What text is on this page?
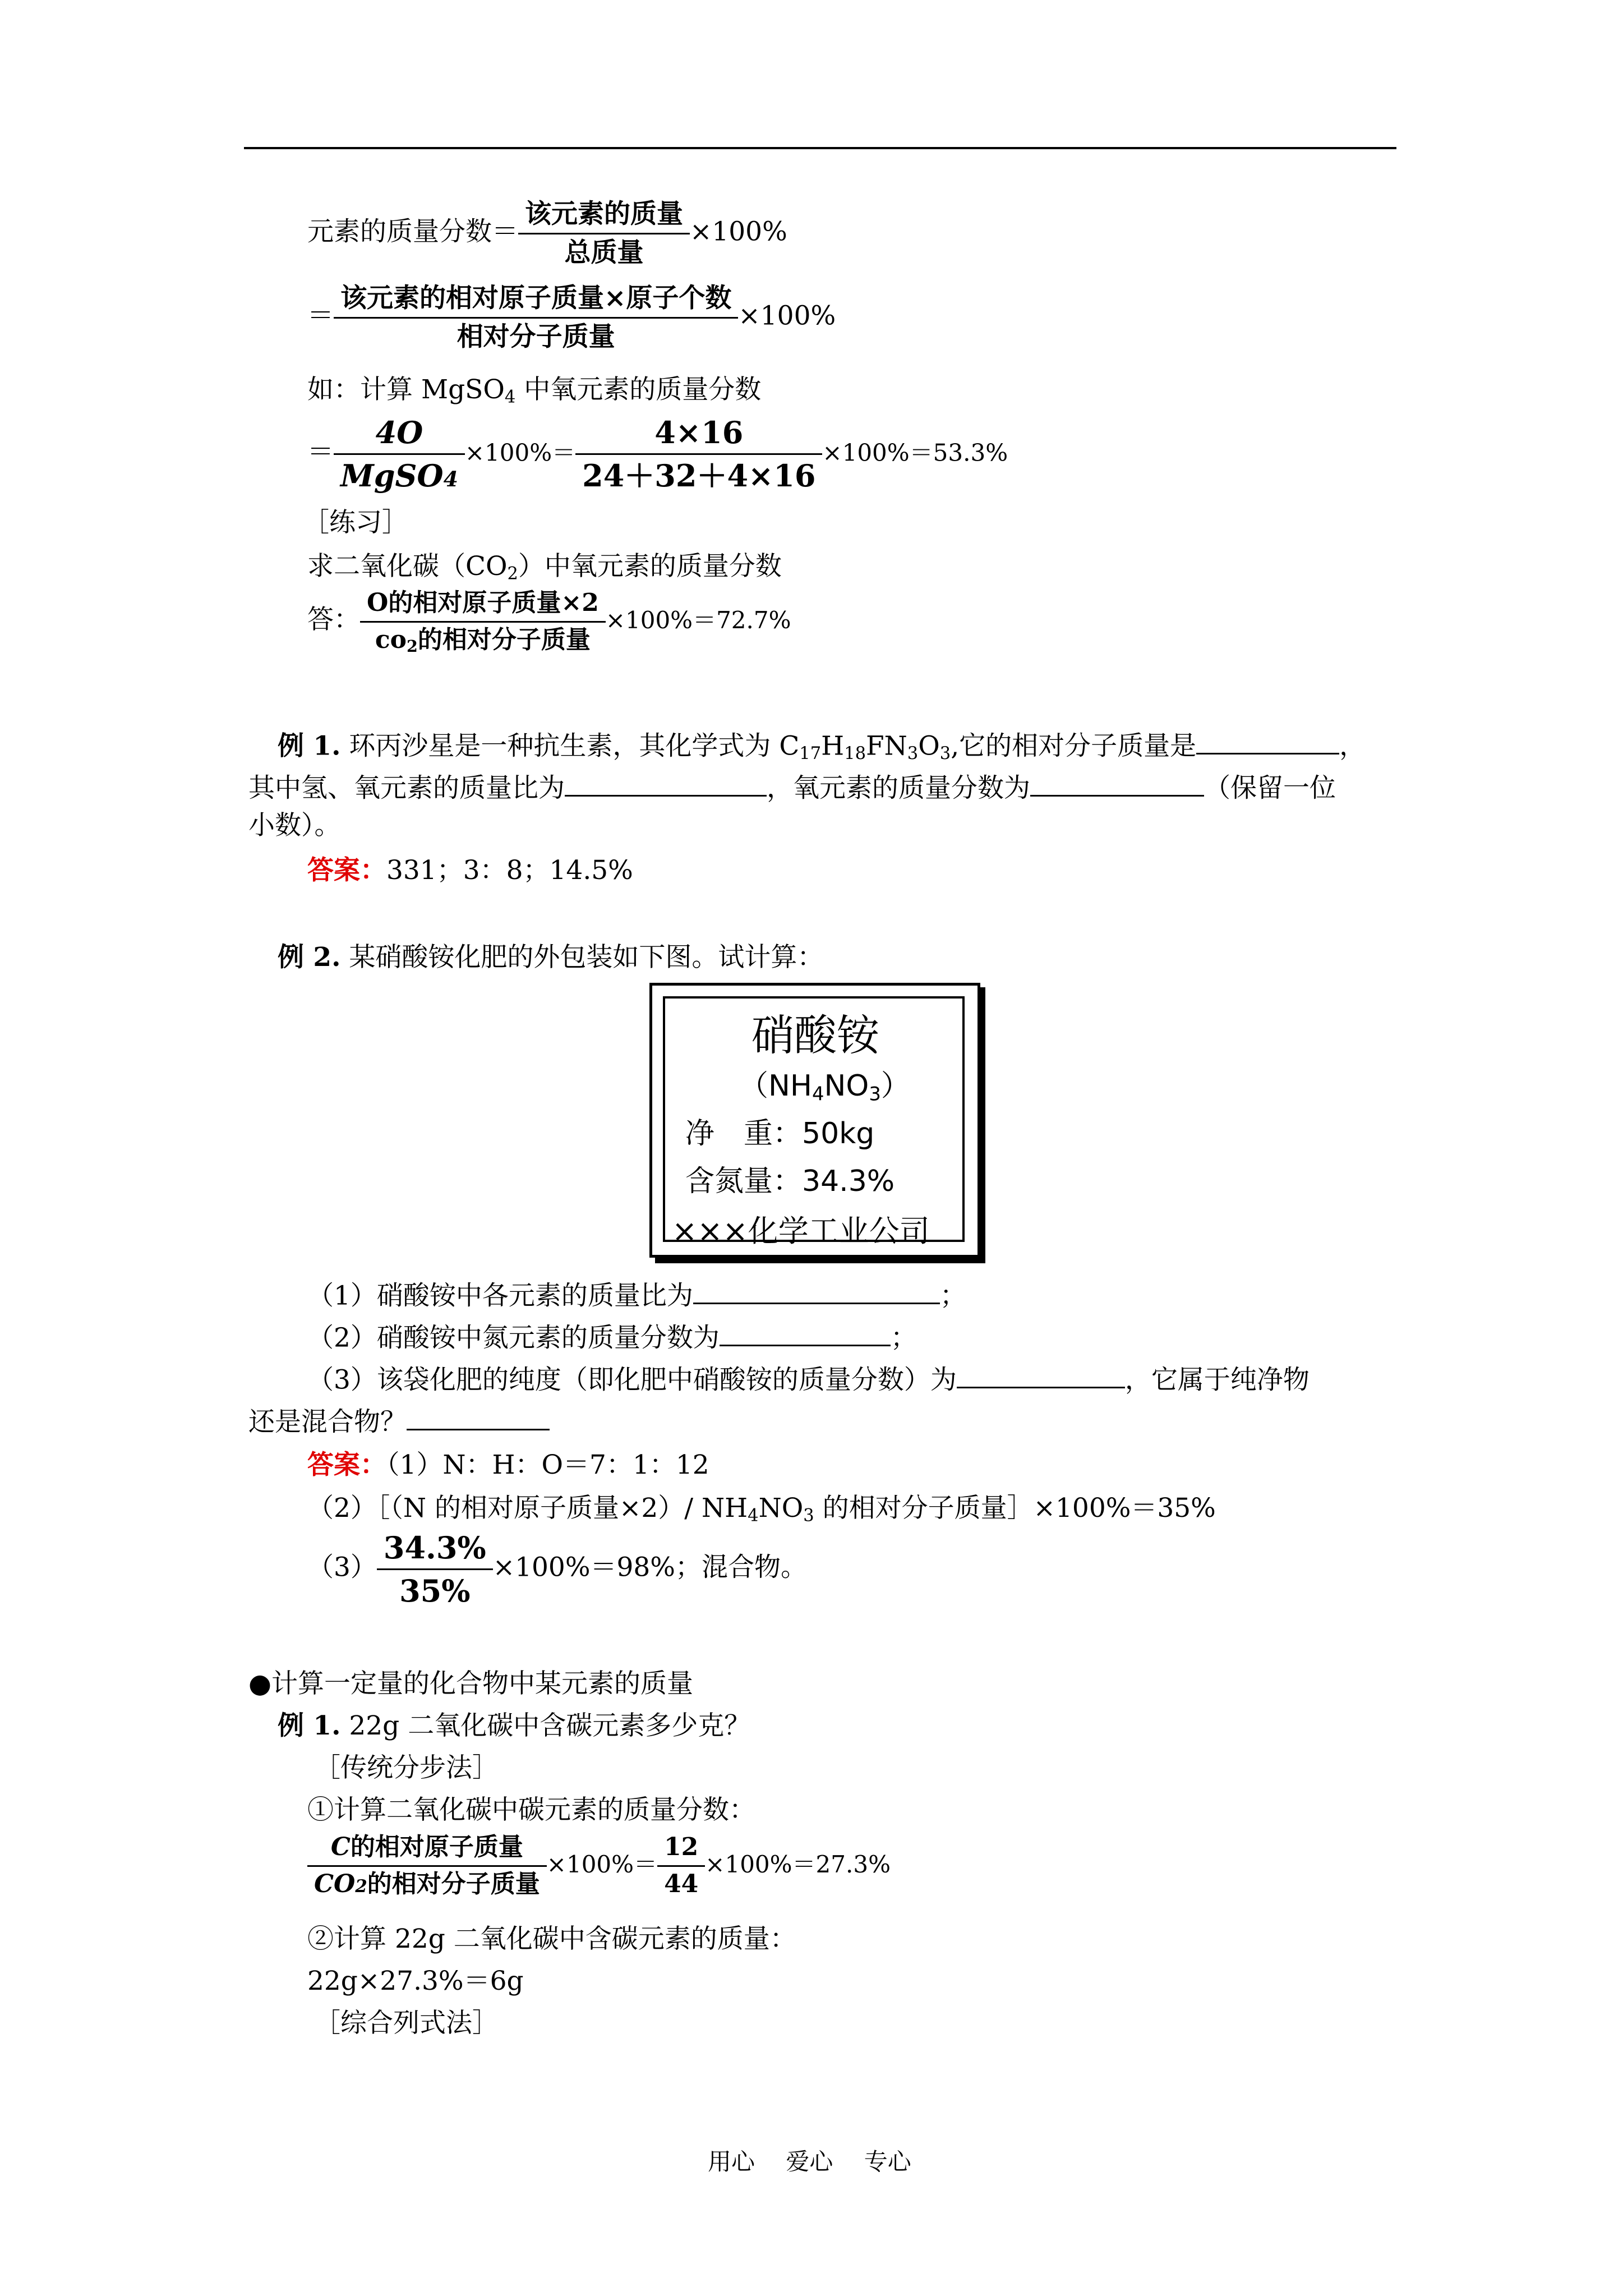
元素的质量分数＝ $\frac{\text{该元素的质量}}{\text{总质量}} \times 100\%$
＝ $\frac{\text{该元素的相对原子质量×原子个数}}{\text{相对分子质量}} \times 100\%$
如：计算 MgSO$_4$ 中氧元素的质量分数
＝ $\frac{4O}{\text{MgSO4}} \times 100\%= \frac{4\times 16}{24+32+4\times 16} \times 100\%=53.3\%$
［练习］
求二氧化碳$(CO_2)$中氧元素的质量分数
答： $\frac{\text{O的相对原子质量×2}}{co_2的相对分子质量} \times 100\%=72.7\%$
例 1. 环丙沙星是一种抗生素，其化学式为 $C_{17}H_{18}FN_3O_3$,它的相对分子质量是	，
其中氢、氧元素的质量比为	，氧元素的质量分数为	（保留一位
小数）。
答案：331；3：8；14.5%
例 2. 某硝酸铵化肥的外包装如下图。试计算：
硝酸铵
$(NH_4NO_3)$
净　重：50kg
含氮量：34.3%
×××化学工业公司
（1）硝酸铵中各元素的质量比为	；
（2）硝酸铵中氮元素的质量分数为	；
（3）该袋化肥的纯度（即化肥中硝酸铵的质量分数）为	，它属于纯净物
还是混合物？
答案：（1）N：H：O＝7：1：12
（2）［（N 的相对原子质量×2）/ $NH_4NO_3$ 的相对分子质量］×100%＝35%
$(3) \frac{34.3\%}{35\%} \times 100\%=98\%$；混合物。
●计算一定量的化合物中某元素的质量
例 1. 22g 二氧化碳中含碳元素多少克？
［传统分步法］
①计算二氧化碳中碳元素的质量分数：
$\frac{\text{C的相对原子质量}}{\text{CO2的相对分子质量}} \times 100\%= \frac{12}{44} \times 100\%=27.3\%$
②计算 22g 二氧化碳中含碳元素的质量：
22g×27.3%＝6g
［综合列式法］
用心　 爱心　 专心
